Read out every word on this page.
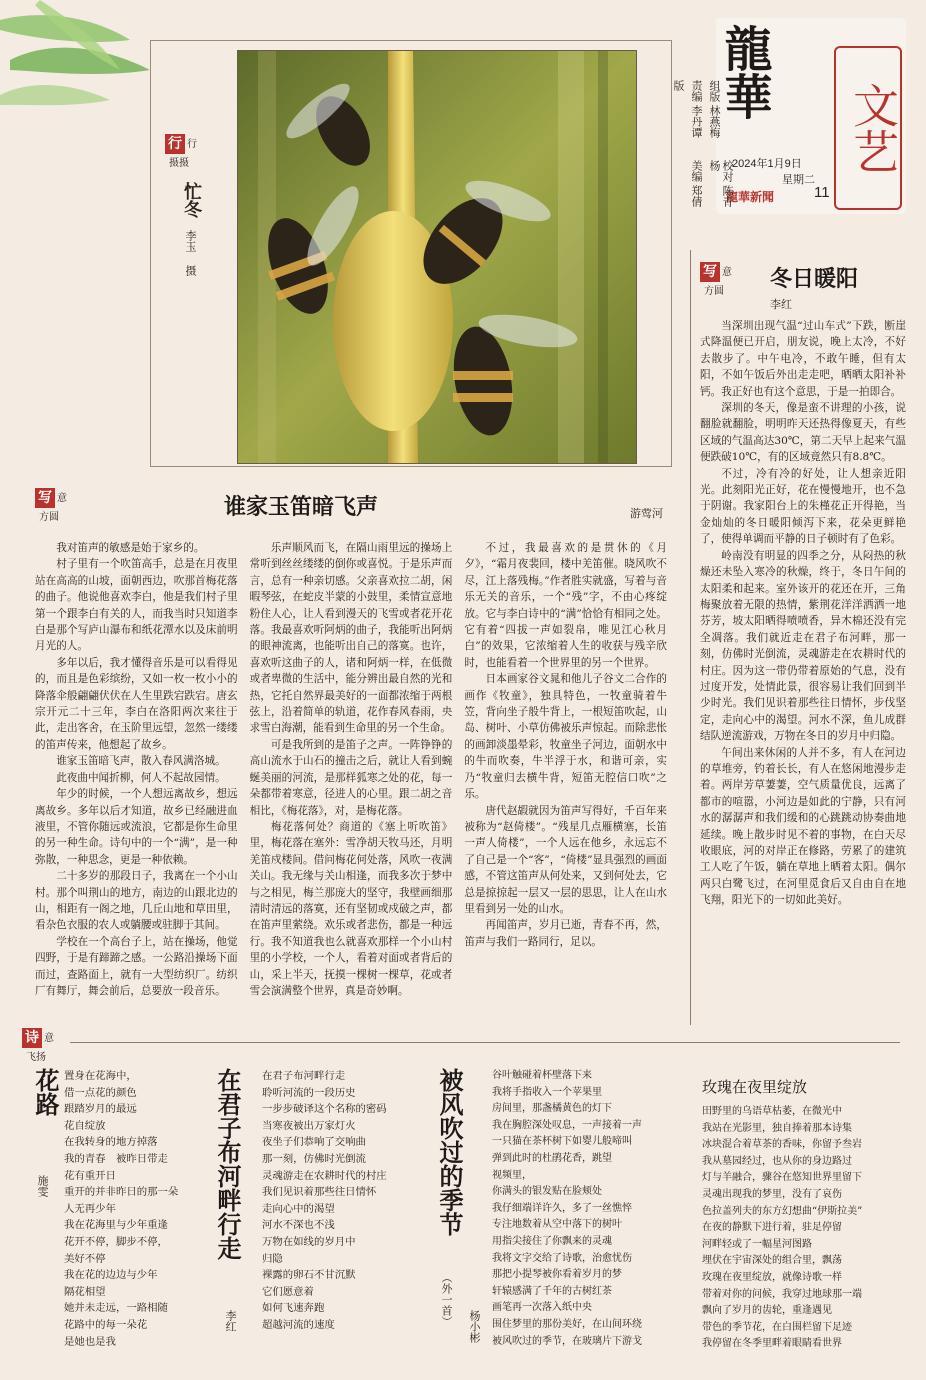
行 行
摄摄
忙冬
李玉
摄
龍華
文艺
2024年1月9日
星期二
龍華新聞	11
组版 林燕梅
责编 李丹谭
校对 陈青杨
美编 郑倩
版
写 意
方圆 冬日暖阳
李红

当深圳出现气温“过山车式”下跌，断崖式降温便已开启，朋友说，晚上太冷，不好去散步了。中午电冷，不敢午睡，但有太阳，不如午饭后外出走走吧，晒晒太阳补补钙。我正好也有这个意思，于是一拍即合。

深圳的冬天，像是蛮不讲理的小孩，说翻脸就翻脸，明明昨天还热得像夏天，有些区域的气温高达30℃，第二天早上起来气温便跌破10℃，有的区域竟然只有8.8℃。

不过，冷有冷的好处，让人想亲近阳光。此刻阳光正好，花在慢慢地开，也不急于阴谢。我家阳台上的朱槿花正开得艳，当金灿灿的冬日暖阳倾泻下来，花朵更鲜艳了，使得单调而平静的日子顿时有了色彩。

岭南没有明显的四季之分，从闷热的秋燥还未坠入寒冷的秋燥，终于，冬日午间的太阳柔和起来。室外该开的花还在开，三角梅聚放着无限的热情，紫荆花洋洋洒洒一地芬芳，坡太阳晒得喷喷香，异木棉还没有完全凋落。我们就近走在君子布河畔，那一刻，仿佛时光倒流，灵魂游走在农耕时代的村庄。因为这一带仍带着原始的气息，没有过度开发，处情此景，很容易让我们回到半少时光。我们见识着那些往日情怀，步伐坚定，走向心中的渴望。河水不深，鱼儿成群结队逆流游戏，万物在冬日的岁月中归隐。

午间出来休闲的人并不多，有人在河边的草堆旁，钓着长长，有人在悠闲地漫步走着。两岸芳草萋萋，空气质量优良，远离了都市的喧嚣，小河边是如此的宁静，只有河水的潺潺声和我们缓和的心跳跳动协奏曲地延续。晚上散步时见不着的事物，在白天尽收眼底，河的对岸正在修路，劳累了的建筑工人吃了午饭，躺在草地上晒着太阳。偶尔两只白鹭飞过，在河里觅食后又自由自在地飞翔，阳光下的一切如此美好。

写 意
方圆	谁家玉笛暗飞声	游莺河

我对笛声的敏感是始于家乡的。

村子里有一个吹笛高手，总是在月夜里站在高高的山坡，面朝西边，吹那首梅花落的曲子。他说他喜欢李白，他是我们村子里第一个跟李白有关的人，而我当时只知道李白是那个写庐山瀑布和纸花潭水以及床前明月光的人。

多年以后，我才懂得音乐是可以看得见的，而且是色彩缤纷，又如一枚一枚小小的降落伞般翩翩伏伏在人生里跌宕跌宕。唐玄宗开元二十三年，李白在洛阳两次来往于此，走出客舍，在玉阶里远望，忽然一缕缕的笛声传来，他想起了故乡。

谁家玉笛暗飞声，散入春风满洛城。

此夜曲中闻折柳，何人不起故园情。

年少的时候，一个人想远离故乡，想远离故乡。多年以后才知道，故乡已经融进血液里，不管你随远或流浪，它都是你生命里的另一种生命。诗句中的一个“满”，是一种弥散，一种思念，更是一种依赖。

二十多岁的那段日子，我离在一个小山村。那个叫荆山的地方，南边的山跟北边的山，相距有一阁之地，几丘山地和草田里，看杂色衣服的农人或躺腰或驻脚于其间。

学校在一个高台子上，站在操场，他觉四野，于是有蹄蹄之感。一公路沿操场下面而过，查路面上，就有一大型纺织厂。纺织厂有舞厅，舞会前后，总要放一段音乐。

乐声顺风而飞，在隔山雨里远的操场上常听到丝丝缕缕的倒你或喜悦。于是乐声而言，总有一种亲切感。父亲喜欢拉二胡，闲暇琴弦，在蛇皮半蒙的小鼓里，柔情宣意地粉住人心，让人看到漫天的飞雪或者花开花落。我最喜欢听阿炳的曲子，我能听出阿炳的眼神流离，也能听出自己的落寞。也许，喜欢听这曲子的人，诸和阿炳一样，在低微或者卑微的生活中，能分辨出最自然的光和热，它托自然界最美好的一面都浓缩于两根弦上，沿着简单的轨道，花作春风春雨，央求雪白海潮，能看到生命里的另一个生命。

可是我所到的是笛子之声。一阵铮铮的高山流水于山石的撞击之后，就让人看到蜿蜒美丽的河流，是那样狐寒之处的花，每一朵都带着寒意，径进人的心里。跟二胡之音相比，《梅花落》，对，是梅花落。

梅花落何处？商道的《塞上听吹笛》里，梅花落在塞外：雪净胡天牧马还，月明羌笛戍楼间。借问梅花何处落，风吹一夜满关山。我无缘与关山相逢，而我多次于梦中与之相见，梅兰那庞大的坚守，我壁画细那清时清远的落寞，还有坚韧或戍破之声，都在笛声里萦绕。欢乐或者悲伤，都是一种远行。我不知道我也么就喜欢那样一个小山村里的小学校，一个人，看着对面或者背后的山，采上半天，抚摸一棵树一棵草，花或者雪会演满整个世界，真是奇妙啊。

不过，我最喜欢的是贯休的《月夕》，“霜月夜裴回，楼中羌笛催。晓风吹不尽，江上落残梅。”作者胜实就盛，写着与音乐无关的音乐，一个“残”字，不由心疼绽放。它与李白诗中的“满”恰恰有相同之处。它有着“四拔一声如裂帛，唯见江心秋月白”的效果，它浓缩着人生的收获与残辛欣时，也能看着一个世界里的另一个世界。

日本画家谷文晁和他儿子谷文二合作的画作《牧童》，独具特色，一牧童骑着牛笠，背向坐子般牛背上，一根短笛吹起，山岛、树叶、小草仿佛被乐声惊起。而除悲怅的画卸淡墨晕彩，牧童坐子河边，面朝水中的牛而吹奏，牛半浮于水，和谐可亲，实乃“牧童归去横牛背，短笛无腔信口吹”之乐。

唐代赵嘏就因为笛声写得好，千百年来被称为“赵倚楼”。“残星几点雁横塞，长笛一声人倚楼”，一个人远在他乡，永远忘不了自己是一个“客”，“倚楼”显具强烈的画面感，不管这笛声从何处来，又到何处去，它总是掠掠起一层又一层的思思，让人在山水里看到另一处的山水。

再闻笛声，岁月已逝，青春不再，然，笛声与我们一路同行，足以。

诗 意
飞扬
花路
施雯
置身在花海中，
借一点花的颜色
跟踏岁月的最远
花自绽放
在我转身的地方掉落
我的青春　被昨日带走
花有重开日
重开的并非昨日的那一朵
人无再少年
我在花海里与少年重逢
花开不停，脚步不停，
美好不停
我在花的边边与少年
隔花相望
她并未走远，一路相随
花路中的每一朵花
是她也是我
在君子布河畔行走
李红
在君子布河畔行走
聆听河流的一段历史
一步步破译这个名称的密码
当寒夜被出万家灯火
夜坐子们恭响了交响曲
那一刻，仿佛时光倒流
灵魂游走在农耕时代的村庄
我们见识着那些往日情怀
走向心中的渴望
河水不深也不浅
万物在如线的岁月中
归隐
裸露的卵石不甘沉默
它们愿意着
如何飞速奔跑
超越河流的速度
被风吹过的季节
（外一首） 杨小彬
谷叶触碰着杯壁落下来
我将手指收入一个苹果里
房间里，那盏橘黄色的灯下
我在胸腔深处叹息，一声接着一声
一只猫在茶杯树下如婴儿般啼叫
弹到此时的杜鹃花香，跳望
视频里，
你满头的银发贴在脸颊处
我仔细端详许久，多了一丝憔悴
专注地数着从空中落下的树叶
用指尖接住了你飘来的灵魂
我将文字交给了诗歌，治愈忧伤
那把小提琴被你看着岁月的梦
轩辕感满了千年的古树红茶
画笔再一次落入纸中央
围住梦里的那份美好，在山间环绕
被风吹过的季节，在玻璃片下游戈
玫瑰在夜里绽放
田野里的乌语草枯萎，在微光中
我站在光影里，独自捧着那本诗集
冰块混合着草茶的香味，你留予叁岩
我从墓园经过，也从你的身边路过
灯与羊融合，骤谷在悠知世界里留下
灵魂出现我的梦里，没有了哀伤
色拉盖列夫的东方幻想曲“伊斯拉美”
在夜的静默下进行着，驻足停留
河畔轻或了一幅星河图路
埋伏在宇宙深处的组合里，飘荡
玫瑰在夜里绽放，就像诗歌一样
带着对你的问候，我穿过地球那一端
飘向了岁月的齿轮，重逢遇见
带色的季节花，在白围栏留下足迹
我停留在冬季里畔着眼睛看世界
